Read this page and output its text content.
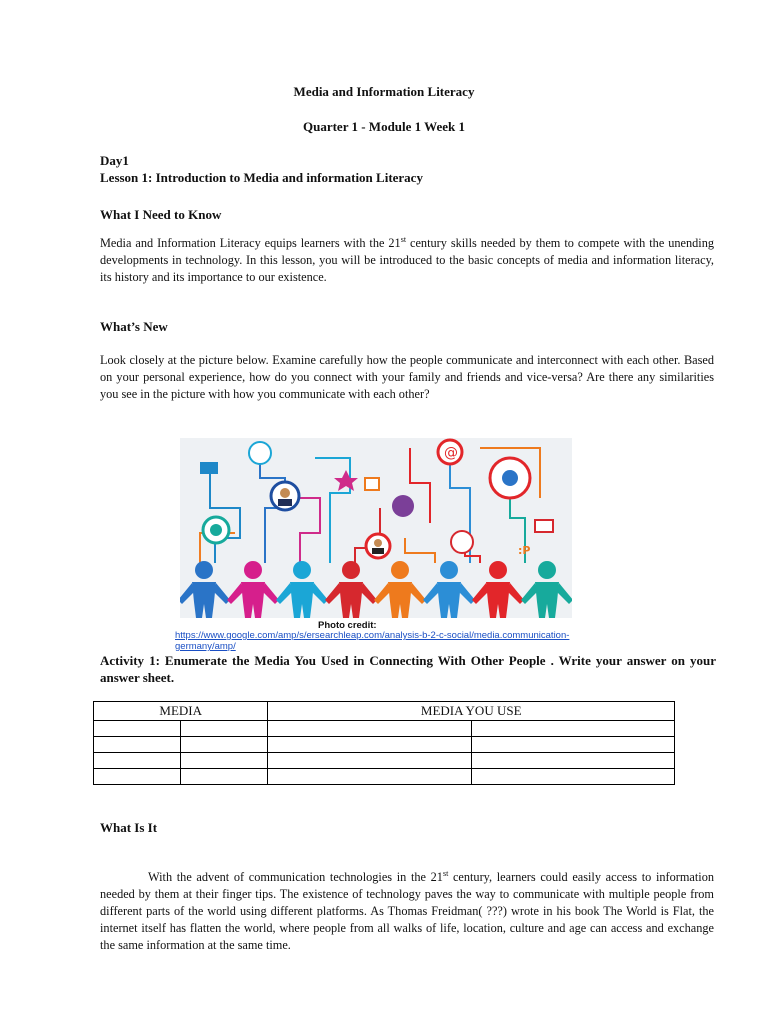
Media and Information Literacy
Quarter 1 - Module 1 Week 1
Day1
Lesson 1: Introduction to Media and information Literacy
What I Need to Know
Media and Information Literacy equips learners with the 21st century skills needed by them to compete with the unending developments in technology. In this lesson, you will be introduced to the basic concepts of media and information literacy, its history and its importance to our existence.
What’s New
Look closely at the picture below. Examine carefully how the people communicate and interconnect with each other. Based on your personal experience, how do you connect with your family and friends and vice-versa? Are there any similarities you see in the picture with how you communicate with each other?
@
:P
Photo credit:
https://www.google.com/amp/s/ersearchleap.com/analysis-b-2-c-social/media.communication-germany/amp/
Activity 1: Enumerate the Media You Used in Connecting With Other People . Write your answer on your answer sheet.
MEDIA		MEDIA YOU USE	

What Is It
With the advent of communication technologies in the 21st century, learners could easily access to information needed by them at their finger tips. The existence of technology paves the way to communicate with multiple people from different parts of the world using different platforms. As Thomas Freidman( ???) wrote in his book The World is Flat, the internet itself has flatten the world, where people from all walks of life, location, culture and age can access and exchange the same information at the same time.
